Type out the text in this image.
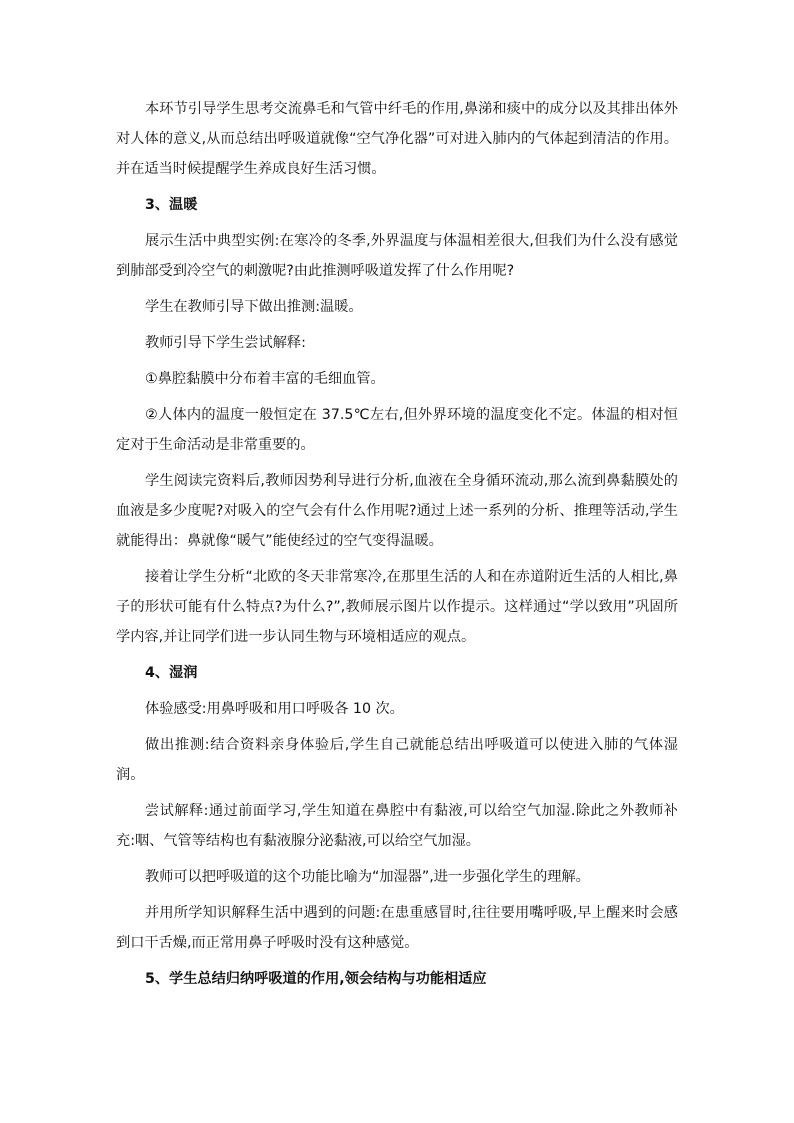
本环节引导学生思考交流鼻毛和气管中纤毛的作用,鼻涕和痰中的成分以及其排出体外对人体的意义,从而总结出呼吸道就像“空气净化器”可对进入肺内的气体起到清洁的作用。并在适当时候提醒学生养成良好生活习惯。

3、温暖

展示生活中典型实例:在寒冷的冬季,外界温度与体温相差很大,但我们为什么没有感觉到肺部受到冷空气的刺激呢?由此推测呼吸道发挥了什么作用呢?

学生在教师引导下做出推测:温暖。

教师引导下学生尝试解释:

①鼻腔黏膜中分布着丰富的毛细血管。

②人体内的温度一般恒定在 37.5℃左右,但外界环境的温度变化不定。体温的相对恒定对于生命活动是非常重要的。

学生阅读完资料后,教师因势利导进行分析,血液在全身循环流动,那么流到鼻黏膜处的血液是多少度呢?对吸入的空气会有什么作用呢?通过上述一系列的分析、推理等活动,学生就能得出：鼻就像“暖气”能使经过的空气变得温暖。

接着让学生分析“北欧的冬天非常寒冷,在那里生活的人和在赤道附近生活的人相比,鼻子的形状可能有什么特点?为什么?”,教师展示图片以作提示。这样通过“学以致用”巩固所学内容,并让同学们进一步认同生物与环境相适应的观点。

4、湿润

体验感受:用鼻呼吸和用口呼吸各 10 次。

做出推测:结合资料亲身体验后,学生自己就能总结出呼吸道可以使进入肺的气体湿润。

尝试解释:通过前面学习,学生知道在鼻腔中有黏液,可以给空气加湿.除此之外教师补充:咽、气管等结构也有黏液腺分泌黏液,可以给空气加湿。

教师可以把呼吸道的这个功能比喻为“加湿器”,进一步强化学生的理解。

并用所学知识解释生活中遇到的问题:在患重感冒时,往往要用嘴呼吸,早上醒来时会感到口干舌燥,而正常用鼻子呼吸时没有这种感觉。

5、学生总结归纳呼吸道的作用,领会结构与功能相适应
